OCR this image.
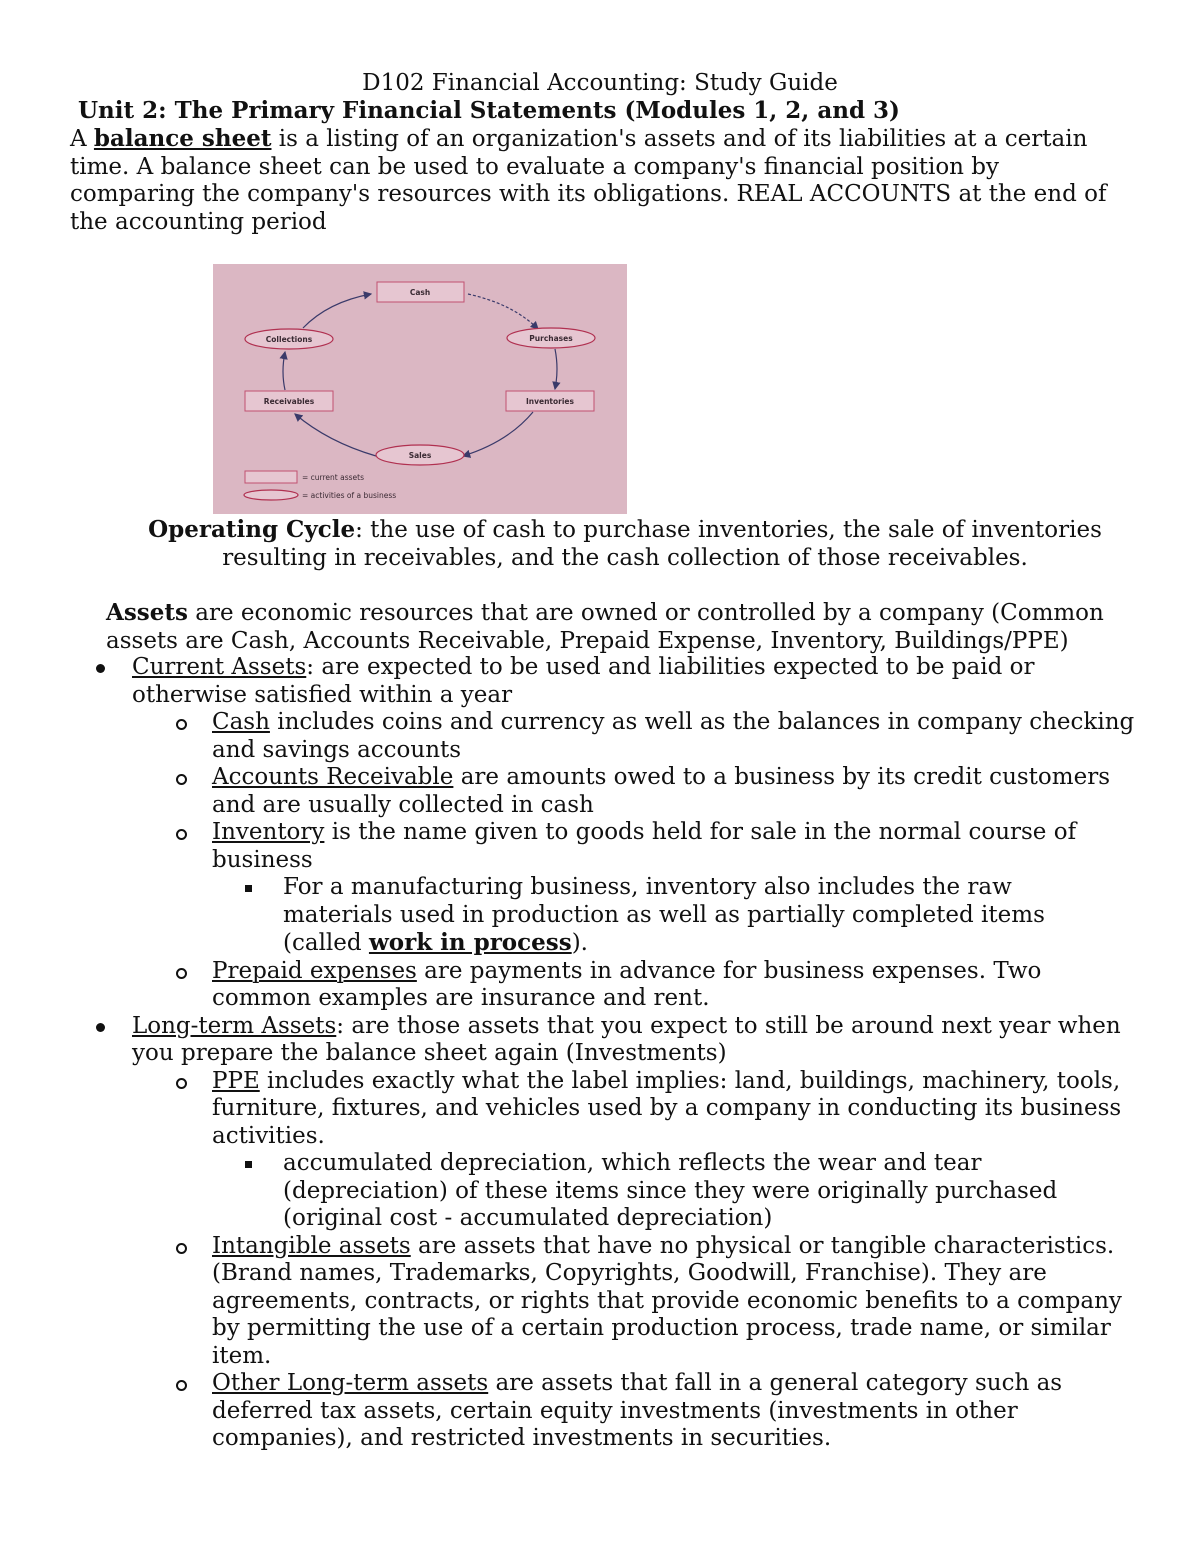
D102 Financial Accounting: Study Guide
Unit 2: The Primary Financial Statements (Modules 1, 2, and 3)
A balance sheet is a listing of an organization's assets and of its liabilities at a certain time. A balance sheet can be used to evaluate a company's financial position by comparing the company's resources with its obligations. REAL ACCOUNTS at the end of the accounting period
Cash
Purchases
Inventories
Sales
Receivables
Collections
= current assets
= activities of a business
Operating Cycle: the use of cash to purchase inventories, the sale of inventories resulting in receivables, and the cash collection of those receivables.
Assets are economic resources that are owned or controlled by a company (Common assets are Cash, Accounts Receivable, Prepaid Expense, Inventory, Buildings/PPE)
Current Assets: are expected to be used and liabilities expected to be paid or otherwise satisfied within a year
Cash includes coins and currency as well as the balances in company checking and savings accounts
Accounts Receivable are amounts owed to a business by its credit customers and are usually collected in cash
Inventory is the name given to goods held for sale in the normal course of business
For a manufacturing business, inventory also includes the raw materials used in production as well as partially completed items (called work in process).
Prepaid expenses are payments in advance for business expenses. Two common examples are insurance and rent.
Long-term Assets: are those assets that you expect to still be around next year when you prepare the balance sheet again (Investments)
PPE includes exactly what the label implies: land, buildings, machinery, tools, furniture, fixtures, and vehicles used by a company in conducting its business activities.
accumulated depreciation, which reflects the wear and tear (depreciation) of these items since they were originally purchased (original cost - accumulated depreciation)
Intangible assets are assets that have no physical or tangible characteristics. (Brand names, Trademarks, Copyrights, Goodwill, Franchise). They are agreements, contracts, or rights that provide economic benefits to a company by permitting the use of a certain production process, trade name, or similar item.
Other Long-term assets are assets that fall in a general category such as deferred tax assets, certain equity investments (investments in other companies), and restricted investments in securities.
